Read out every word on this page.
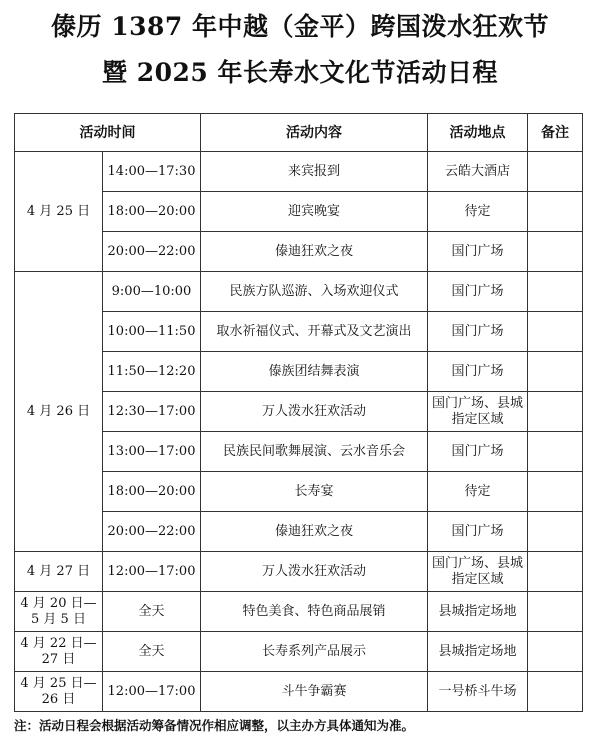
傣历 1387 年中越（金平）跨国泼水狂欢节
暨 2025 年长寿水文化节活动日程
活动时间		活动内容	活动地点	备注
4 月 25 日	14:00—17:30	来宾报到	云皓大酒店	
	18:00—20:00	迎宾晚宴	待定	
	20:00—22:00	傣迪狂欢之夜	国门广场	
4 月 26 日	9:00—10:00	民族方队巡游、入场欢迎仪式	国门广场	
	10:00—11:50	取水祈福仪式、开幕式及文艺演出	国门广场	
	11:50—12:20	傣族团结舞表演	国门广场	
	12:30—17:00	万人泼水狂欢活动	国门广场、县城指定区域	
	13:00—17:00	民族民间歌舞展演、云水音乐会	国门广场	
	18:00—20:00	长寿宴	待定	
	20:00—22:00	傣迪狂欢之夜	国门广场	
4 月 27 日	12:00—17:00	万人泼水狂欢活动	国门广场、县城指定区域	
4 月 20 日—5 月 5 日	全天	特色美食、特色商品展销	县城指定场地	
4 月 22 日—27 日	全天	长寿系列产品展示	县城指定场地	
4 月 25 日—26 日	12:00—17:00	斗牛争霸赛	一号桥斗牛场	
注：活动日程会根据活动筹备情况作相应调整，以主办方具体通知为准。
